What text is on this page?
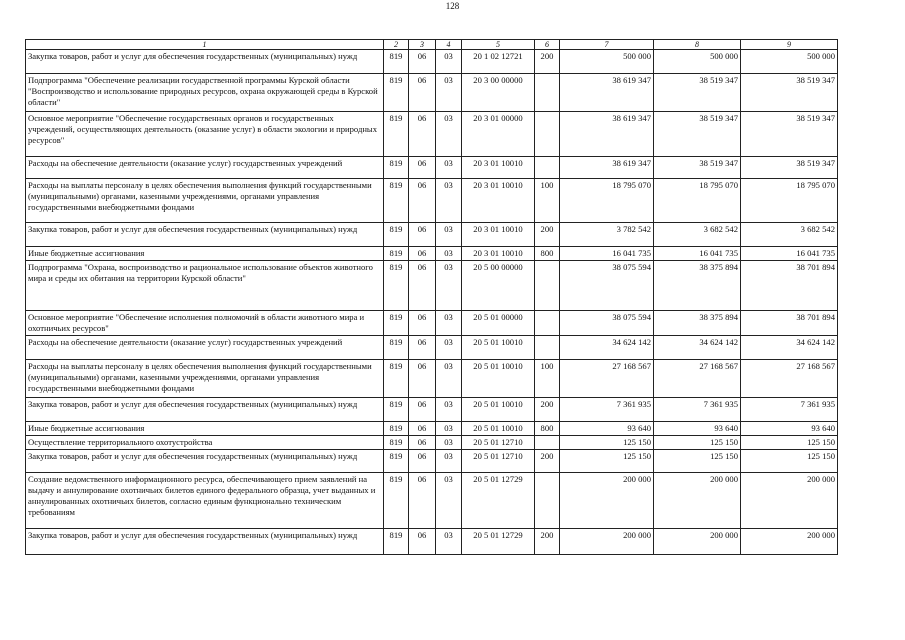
128
1	2	3	4	5	6	7	8	9
Закупка товаров, работ и услуг для обеспечения государственных (муниципальных) нужд	819	06	03	20 1 02 12721	200	500 000	500 000	500 000
Подпрограмма "Обеспечение реализации государственной программы Курской области "Воспроизводство и использование природных ресурсов, охрана окружающей среды в Курской области"	819	06	03	20 3 00 00000		38 619 347	38 519 347	38 519 347
Основное мероприятие "Обеспечение государственных органов и государственных учреждений, осуществляющих деятельность (оказание услуг) в области экологии и природных ресурсов"	819	06	03	20 3 01 00000		38 619 347	38 519 347	38 519 347
Расходы на обеспечение деятельности (оказание услуг) государственных учреждений	819	06	03	20 3 01 10010		38 619 347	38 519 347	38 519 347
Расходы на выплаты персоналу в целях обеспечения выполнения функций государственными (муниципальными) органами, казенными учреждениями, органами управления государственными внебюджетными фондами	819	06	03	20 3 01 10010	100	18 795 070	18 795 070	18 795 070
Закупка товаров, работ и услуг для обеспечения государственных (муниципальных) нужд	819	06	03	20 3 01 10010	200	3 782 542	3 682 542	3 682 542
Иные бюджетные ассигнования	819	06	03	20 3 01 10010	800	16 041 735	16 041 735	16 041 735
Подпрограмма "Охрана, воспроизводство и рациональное использование объектов животного мира и среды их обитания на территории Курской области"	819	06	03	20 5 00 00000		38 075 594	38 375 894	38 701 894
Основное мероприятие "Обеспечение исполнения полномочий в области животного мира и охотничьих ресурсов"	819	06	03	20 5 01 00000		38 075 594	38 375 894	38 701 894
Расходы на обеспечение деятельности (оказание услуг) государственных учреждений	819	06	03	20 5 01 10010		34 624 142	34 624 142	34 624 142
Расходы на выплаты персоналу в целях обеспечения выполнения функций государственными (муниципальными) органами, казенными учреждениями, органами управления государственными внебюджетными фондами	819	06	03	20 5 01 10010	100	27 168 567	27 168 567	27 168 567
Закупка товаров, работ и услуг для обеспечения государственных (муниципальных) нужд	819	06	03	20 5 01 10010	200	7 361 935	7 361 935	7 361 935
Иные бюджетные ассигнования	819	06	03	20 5 01 10010	800	93 640	93 640	93 640
Осуществление территориального охотустройства	819	06	03	20 5 01 12710		125 150	125 150	125 150
Закупка товаров, работ и услуг для обеспечения государственных (муниципальных) нужд	819	06	03	20 5 01 12710	200	125 150	125 150	125 150
Создание ведомственного информационного ресурса, обеспечивающего прием заявлений на выдачу и аннулирование охотничьих билетов единого федерального образца, учет выданных и аннулированных охотничьих билетов, согласно единым функционально техническим требованиям	819	06	03	20 5 01 12729		200 000	200 000	200 000
Закупка товаров, работ и услуг для обеспечения государственных (муниципальных) нужд	819	06	03	20 5 01 12729	200	200 000	200 000	200 000
